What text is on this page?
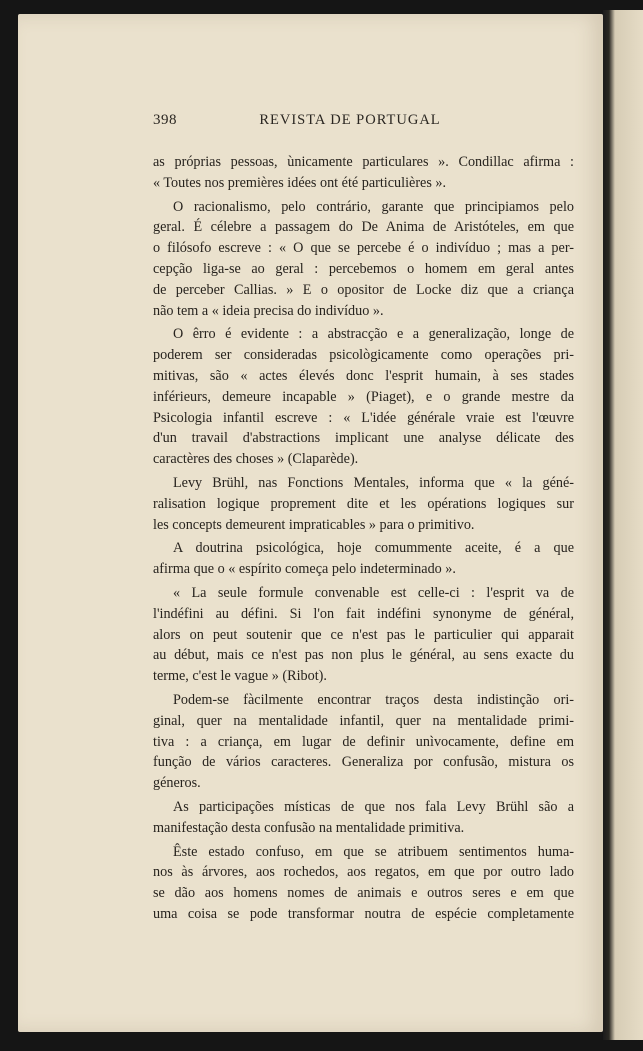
398	REVISTA DE PORTUGAL

as próprias pessoas, ùnicamente particulares ». Condillac afirma :
« Toutes nos premières idées ont été particulières ».

O racionalismo, pelo contrário, garante que principiamos pelo
geral. É célebre a passagem do De Anima de Aristóteles, em que
o filósofo escreve : « O que se percebe é o indivíduo ; mas a per-
cepção liga-se ao geral : percebemos o homem em geral antes
de perceber Callias. » E o opositor de Locke diz que a criança
não tem a « ideia precisa do indivíduo ».

O êrro é evidente : a abstracção e a generalização, longe de
poderem ser consideradas psicològicamente como operações pri-
mitivas, são « actes élevés donc l'esprit humain, à ses stades
inférieurs, demeure incapable » (Piaget), e o grande mestre da
Psicologia infantil escreve : « L'idée générale vraie est l'œuvre
d'un travail d'abstractions implicant une analyse délicate des
caractères des choses » (Claparède).

Levy Brühl, nas Fonctions Mentales, informa que « la géné-
ralisation logique proprement dite et les opérations logiques sur
les concepts demeurent impraticables » para o primitivo.

A doutrina psicológica, hoje comummente aceite, é a que
afirma que o « espírito começa pelo indeterminado ».

« La seule formule convenable est celle-ci : l'esprit va de
l'indéfini au défini. Si l'on fait indéfini synonyme de général,
alors on peut soutenir que ce n'est pas le particulier qui apparait
au début, mais ce n'est pas non plus le général, au sens exacte du
terme, c'est le vague » (Ribot).

Podem-se fàcilmente encontrar traços desta indistinção ori-
ginal, quer na mentalidade infantil, quer na mentalidade primi-
tiva : a criança, em lugar de definir unìvocamente, define em
função de vários caracteres. Generaliza por confusão, mistura os
géneros.

As participações místicas de que nos fala Levy Brühl são a
manifestação desta confusão na mentalidade primitiva.

Êste estado confuso, em que se atribuem sentimentos huma-
nos às árvores, aos rochedos, aos regatos, em que por outro lado
se dão aos homens nomes de animais e outros seres e em que
uma coisa se pode transformar noutra de espécie completamente
